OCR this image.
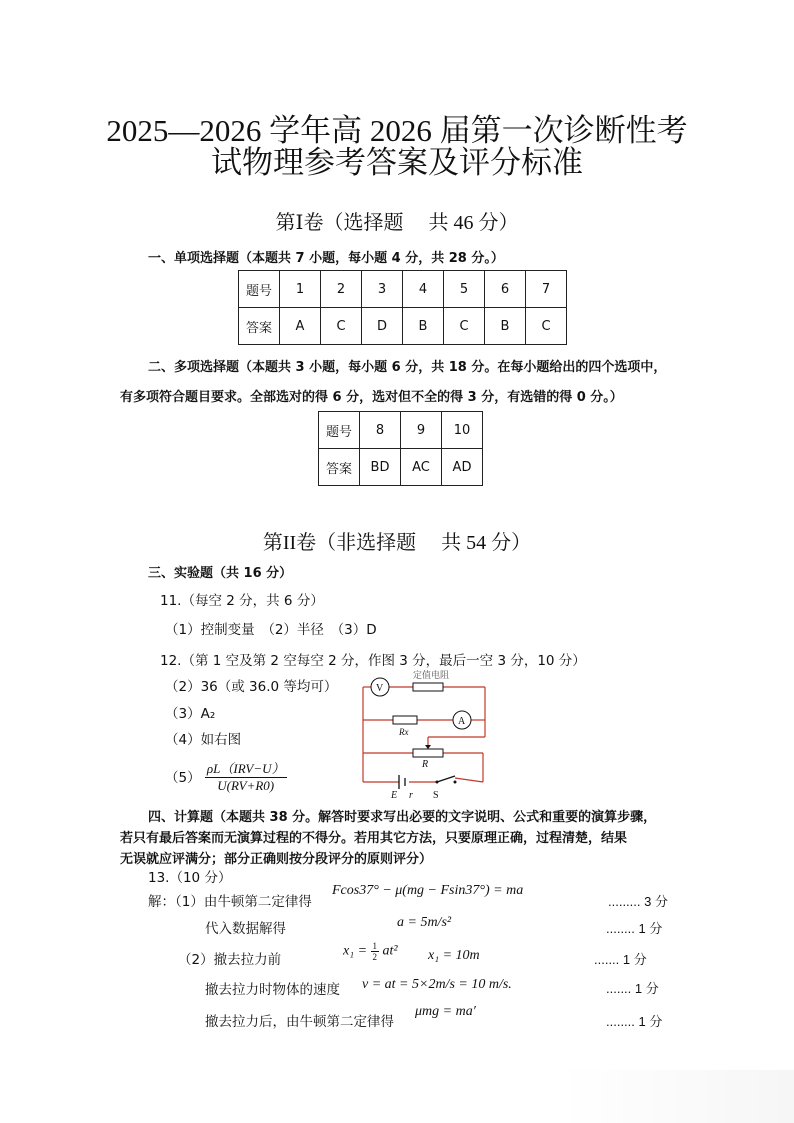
2025—2026 学年高 2026 届第一次诊断性考
试物理参考答案及评分标准
第Ⅰ卷（选择题　 共 46 分）
一、单项选择题（本题共 7 小题，每小题 4 分，共 28 分。）
题号	1	2	3	4	5	6	7
答案	A	C	D	B	C	B	C
二、多项选择题（本题共 3 小题，每小题 6 分，共 18 分。在每小题给出的四个选项中，
有多项符合题目要求。全部选对的得 6 分，选对但不全的得 3 分，有选错的得 0 分。）
题号	8	9	10
答案	BD	AC	AD
第II卷（非选择题　 共 54 分）
三、实验题（共 16 分）
11.（每空 2 分，共 6 分）
（1）控制变量　（2）半径　（3）D
12.（第 1 空及第 2 空每空 2 分，作图 3 分，最后一空 3 分，10 分）
（2）36（或 36.0 等均可）
（3）A₂
（4）如右图
$(5) \frac{\text{ρL（IRV−U）}}{U(RV+R0)}$
V
A
定值电阻
Rx
R
E r S
四、计算题（本题共 38 分。解答时要求写出必要的文字说明、公式和重要的演算步骤，
若只有最后答案而无演算过程的不得分。若用其它方法，只要原理正确，过程清楚，结果
无误就应评满分；部分正确则按分段评分的原则评分）
13.（10 分）
解：（1）由牛顿第二定律得
Fcos37° − μ(mg − Fsin37°) = ma
......... 3 分
代入数据解得	a = 5m/s²	........ 1 分
（2）撤去拉力前
$x_1 = \frac{1}{2} at^2$ x₁ = 10m	....... 1 分
撤去拉力时物体的速度 v = at = 5×2m/s = 10 m/s.	....... 1 分
撤去拉力后，由牛顿第二定律得
μmg = ma′
........ 1 分
